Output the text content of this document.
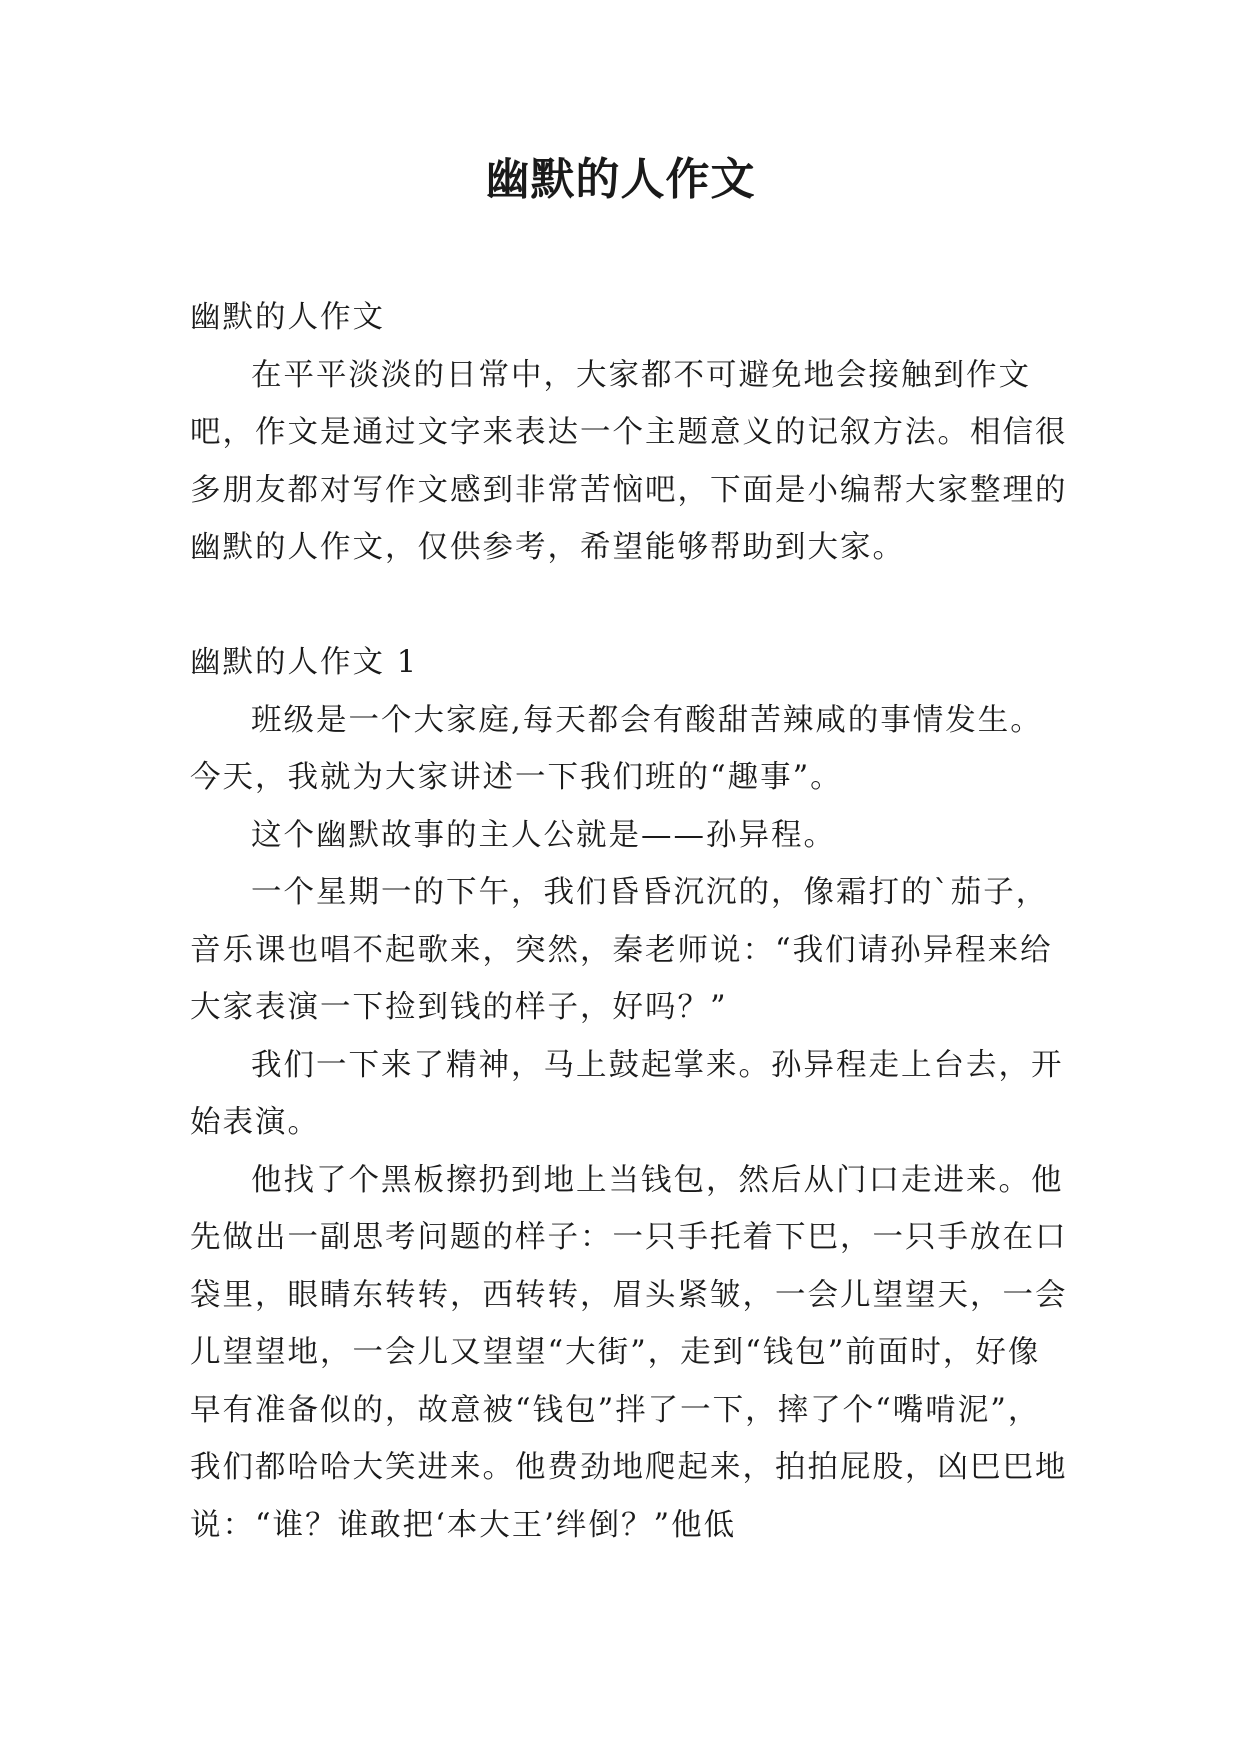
幽默的人作文

幽默的人作文

在平平淡淡的日常中，大家都不可避免地会接触到作文吧，作文是通过文字来表达一个主题意义的记叙方法。相信很多朋友都对写作文感到非常苦恼吧，下面是小编帮大家整理的幽默的人作文，仅供参考，希望能够帮助到大家。

幽默的人作文 1

班级是一个大家庭,每天都会有酸甜苦辣咸的事情发生。今天，我就为大家讲述一下我们班的“趣事”。

这个幽默故事的主人公就是——孙异程。

一个星期一的下午，我们昏昏沉沉的，像霜打的`茄子，音乐课也唱不起歌来，突然，秦老师说：“我们请孙异程来给大家表演一下捡到钱的样子，好吗？”

我们一下来了精神，马上鼓起掌来。孙异程走上台去，开始表演。

他找了个黑板擦扔到地上当钱包，然后从门口走进来。他先做出一副思考问题的样子：一只手托着下巴，一只手放在口袋里，眼睛东转转，西转转，眉头紧皱，一会儿望望天，一会儿望望地，一会儿又望望“大街”，走到“钱包”前面时，好像早有准备似的，故意被“钱包”拌了一下，摔了个“嘴啃泥”，我们都哈哈大笑进来。他费劲地爬起来，拍拍屁股，凶巴巴地说：“谁？谁敢把‘本大王’绊倒？”他低
